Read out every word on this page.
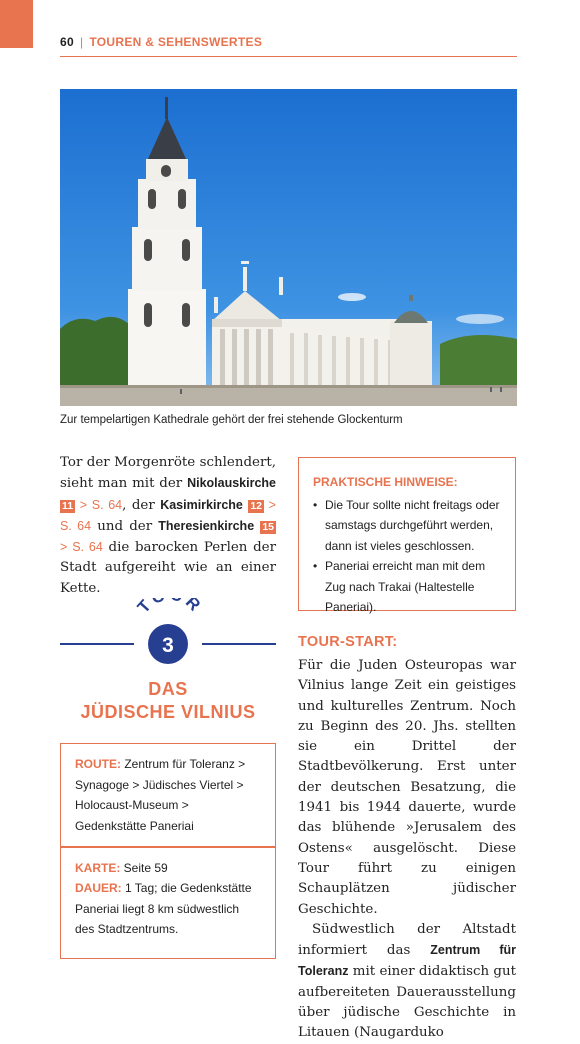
60 | TOUREN & SEHENSWERTES
Zur tempelartigen Kathedrale gehört der frei stehende Glockenturm
Tor der Morgenröte schlendert, sieht man mit der Nikolauskirche 11 > S. 64, der Kasimirkirche 12 > S. 64 und der Theresienkirche 15 > S. 64 die barocken Perlen der Stadt aufgereiht wie an einer Kette.
T R
3
DAS
JÜDISCHE VILNIUS
ROUTE: Zentrum für Toleranz > Synagoge > Jüdisches Viertel > Holocaust-Museum > Gedenkstätte Paneriai
KARTE: Seite 59
DAUER: 1 Tag; die Gedenkstätte Paneriai liegt 8 km südwestlich des Stadtzentrums.
PRAKTISCHE HINWEISE:
• Die Tour sollte nicht freitags oder samstags durchgeführt werden, dann ist vieles geschlossen.
• Paneriai erreicht man mit dem Zug nach Trakai (Haltestelle Paneriai).
TOUR-START:

Für die Juden Osteuropas war Vilnius lange Zeit ein geistiges und kulturelles Zentrum. Noch zu Beginn des 20. Jhs. stellten sie ein Drittel der Stadtbevölkerung. Erst unter der deutschen Besatzung, die 1941 bis 1944 dauerte, wurde das blühende »Jerusalem des Ostens« ausgelöscht. Diese Tour führt zu einigen Schauplätzen jüdischer Geschichte.

Südwestlich der Altstadt informiert das Zentrum für Toleranz mit einer didaktisch gut aufbereiteten Dauerausstellung über jüdische Geschichte in Litauen (Naugarduko
